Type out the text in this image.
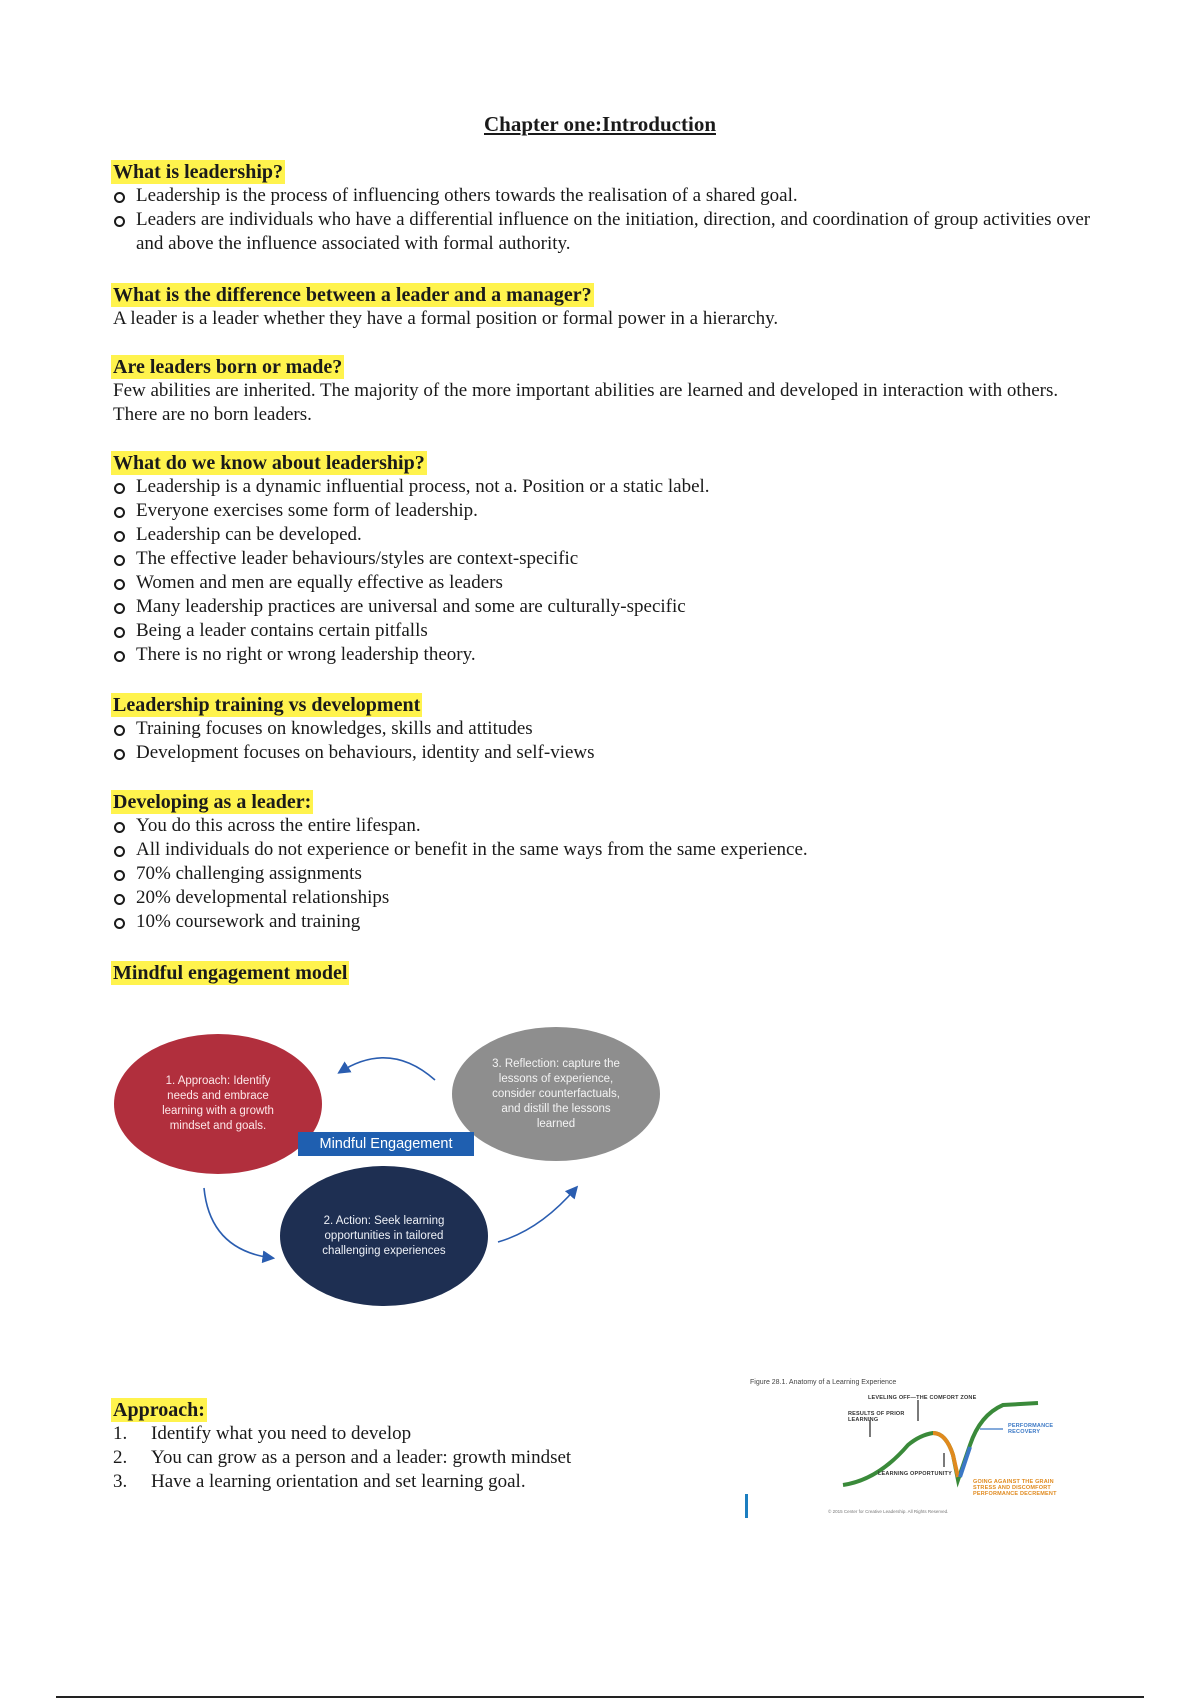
Chapter one:Introduction
What is leadership?
Leadership is the process of influencing others towards the realisation of a shared goal.
Leaders are individuals who have a differential influence on the initiation, direction, and coordination of group activities over and above the influence associated with formal authority.
What is the difference between a leader and a manager?

A leader is a leader whether they have a formal position or formal power in a hierarchy.

Are leaders born or made?

Few abilities are inherited. The majority of the more important abilities are learned and developed in interaction with others. There are no born leaders.

What do we know about leadership?
Leadership is a dynamic influential process, not a. Position or a static label.
Everyone exercises some form of leadership.
Leadership can be developed.
The effective leader behaviours/styles are context-specific
Women and men are equally effective as leaders
Many leadership practices are universal and some are culturally-specific
Being a leader contains certain pitfalls
There is no right or wrong leadership theory.
Leadership training vs development
Training focuses on knowledges, skills and attitudes
Development focuses on behaviours, identity and self-views
Developing as a leader:
You do this across the entire lifespan.
All individuals do not experience or benefit in the same ways from the same experience.
70% challenging assignments
20% developmental relationships
10% coursework and training
Mindful engagement model
1. Approach: Identify needs and embrace learning with a growth mindset and goals.
3. Reflection: capture the lessons of experience, consider counterfactuals, and distill the lessons learned
2. Action: Seek learning opportunities in tailored challenging experiences
Mindful Engagement
Approach:
1. Identify what you need to develop
2. You can grow as a person and a leader: growth mindset
3. Have a learning orientation and set learning goal.
Figure 28.1. Anatomy of a Learning Experience
LEVELING OFF—THE COMFORT ZONE
RESULTS OF PRIOR LEARNING
PERFORMANCE RECOVERY
LEARNING OPPORTUNITY
GOING AGAINST THE GRAIN STRESS AND DISCOMFORT PERFORMANCE DECREMENT
© 2015 Center for Creative Leadership. All Rights Reserved.
